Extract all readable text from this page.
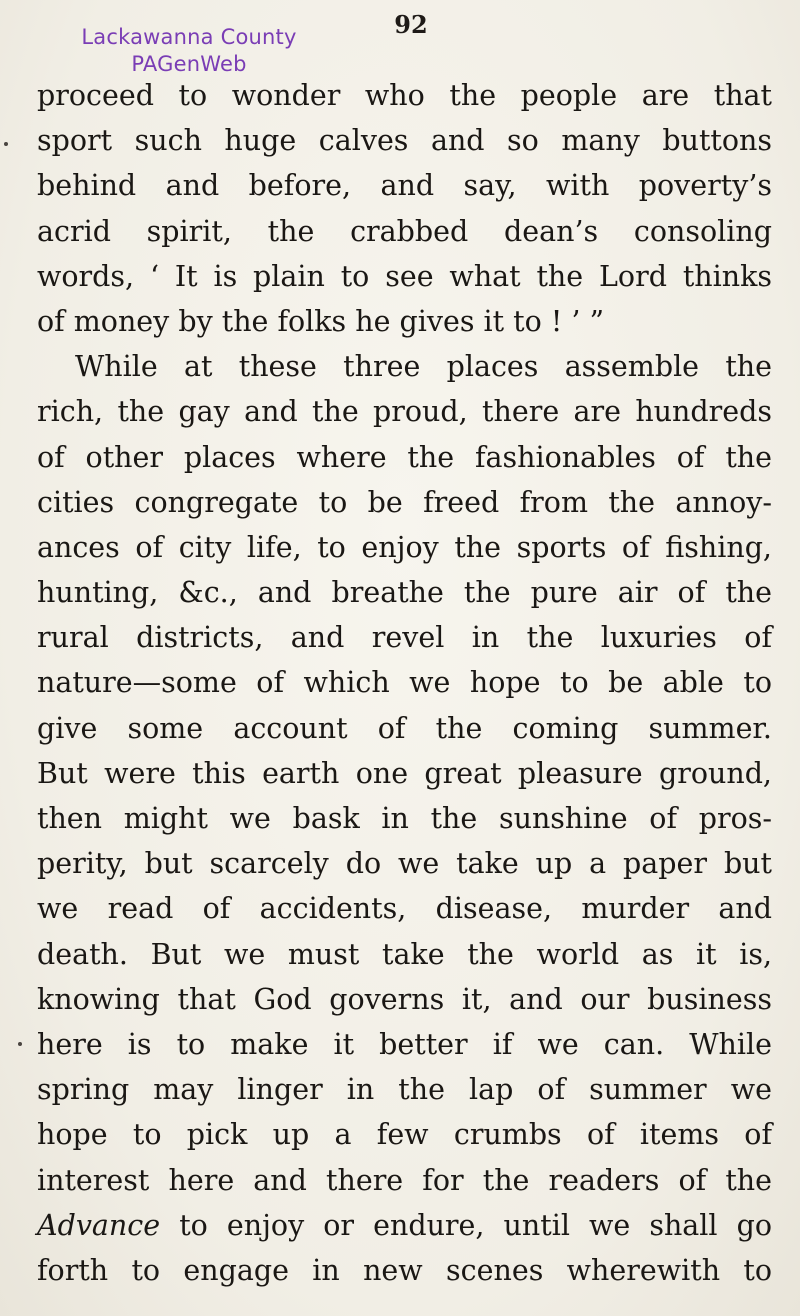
Lackawanna County
PAGenWeb
92
proceed to wonder who the people are that
sport such huge calves and so many buttons
behind and before, and say, with poverty’s
acrid spirit, the crabbed dean’s consoling
words, ‘ It is plain to see what the Lord thinks
of money by the folks he gives it to ! ’ ”
While at these three places assemble the
rich, the gay and the proud, there are hundreds
of other places where the fashionables of the
cities congregate to be freed from the annoy-
ances of city life, to enjoy the sports of fishing,
hunting, &c., and breathe the pure air of the
rural districts, and revel in the luxuries of
nature—some of which we hope to be able to
give some account of the coming summer.
But were this earth one great pleasure ground,
then might we bask in the sunshine of pros-
perity, but scarcely do we take up a paper but
we read of accidents, disease, murder and
death. But we must take the world as it is,
knowing that God governs it, and our business
here is to make it better if we can. While
spring may linger in the lap of summer we
hope to pick up a few crumbs of items of
interest here and there for the readers of the
Advance to enjoy or endure, until we shall go
forth to engage in new scenes wherewith to
